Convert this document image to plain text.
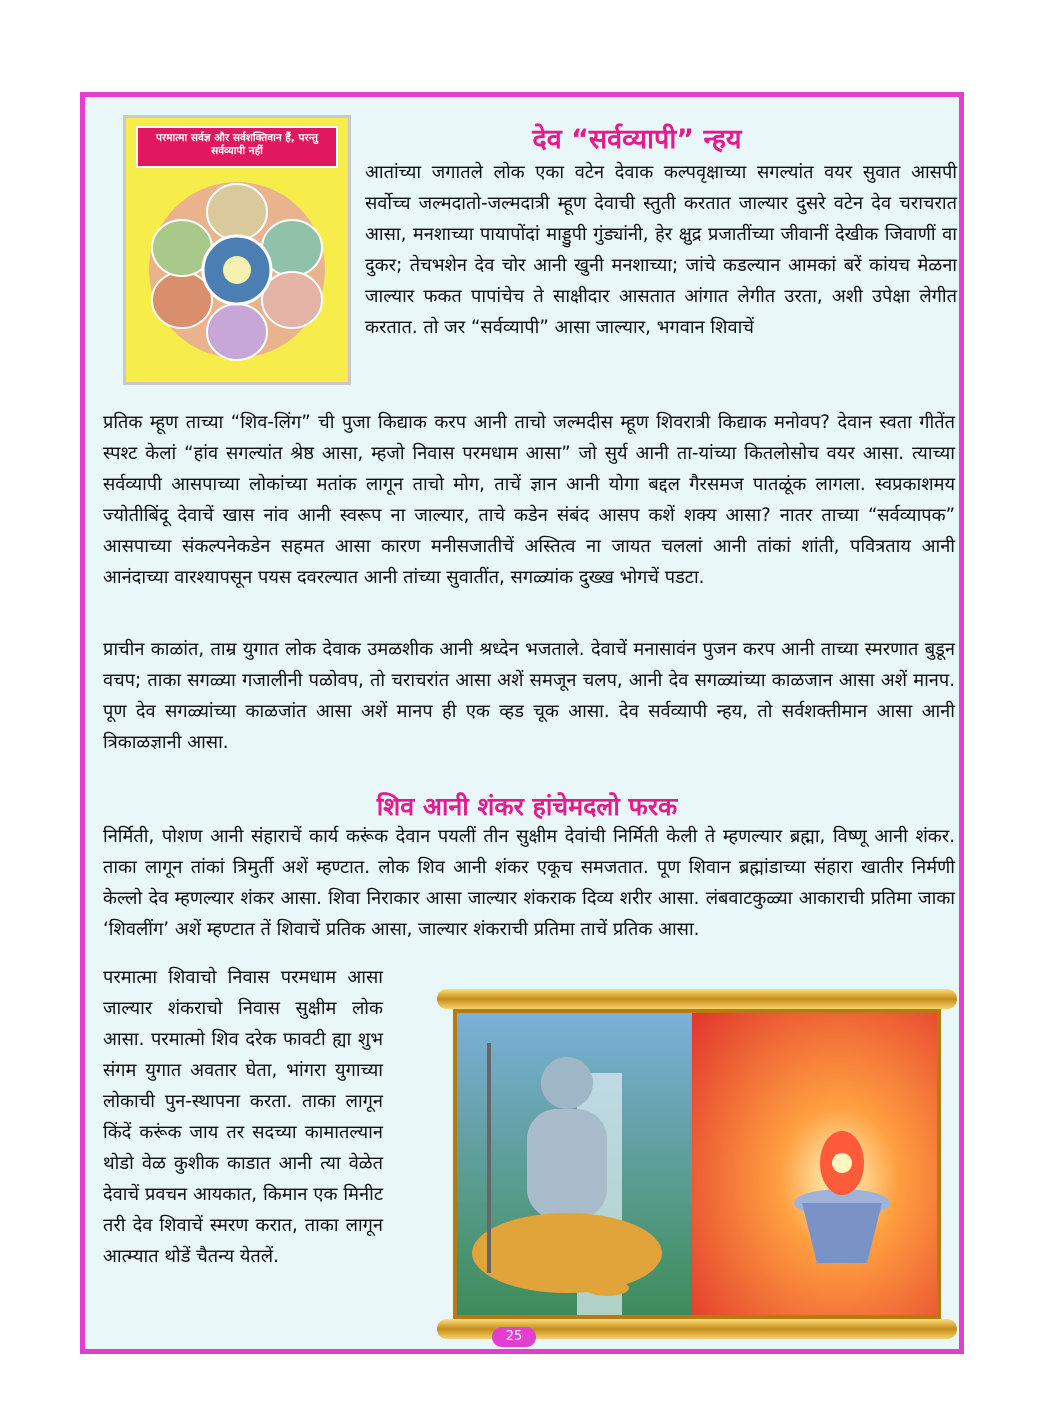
परमात्मा सर्वज्ञ और सर्वशक्तिवान हैं, परन्तु सर्वव्यापी नहीं	देव “सर्वव्यापी” न्हय

आतांच्या जगातले लोक एका वटेन देवाक कल्पवृक्षाच्या सगल्यांत वयर सुवात आसपी सर्वोच्च जल्मदातो-जल्मदात्री म्हूण देवाची स्तुती करतात जाल्यार दुसरे वटेन देव चराचरात आसा, मनशाच्या पायापोंदां माड्डुपी गुंड्यांनी, हेर क्षुद्र प्रजातींच्या जीवानीं देखीक जिवाणीं वा दुकर; तेचभशेन देव चोर आनी खुनी मनशाच्या; जांचे कडल्यान आमकां बरें कांयच मेळना जाल्यार फकत पापांचेच ते साक्षीदार आसतात आंगात लेगीत उरता, अशी उपेक्षा लेगीत करतात. तो जर “सर्वव्यापी” आसा जाल्यार, भगवान शिवाचें

प्रतिक म्हूण ताच्या “शिव-लिंग” ची पुजा किद्याक करप आनी ताचो जल्मदीस म्हूण शिवरात्री किद्याक मनोवप? देवान स्वता गीतेंत स्पश्ट केलां “हांव सगल्यांत श्रेष्ठ आसा, म्हजो निवास परमधाम आसा” जो सुर्य आनी ता-यांच्या कितलोसोच वयर आसा. त्याच्या सर्वव्यापी आसपाच्या लोकांच्या मतांक लागून ताचो मोग, ताचें ज्ञान आनी योगा बद्दल गैरसमज पातळूंक लागला. स्वप्रकाशमय ज्योतीबिंदू देवाचें खास नांव आनी स्वरूप ना जाल्यार, ताचे कडेन संबंद आसप कशें शक्य आसा? नातर ताच्या “सर्वव्यापक” आसपाच्या संकल्पनेकडेन सहमत आसा कारण मनीसजातीचें अस्तित्व ना जायत चललां आनी तांकां शांती, पवित्रताय आनी आनंदाच्या वारश्यापसून पयस दवरल्यात आनी तांच्या सुवातींत, सगळ्यांक दुख्ख भोगचें पडटा.

प्राचीन काळांत, ताम्र युगात लोक देवाक उमळशीक आनी श्रध्देन भजताले. देवाचें मनासावंन पुजन करप आनी ताच्या स्मरणात बुडून वचप; ताका सगळ्या गजालीनी पळोवप, तो चराचरांत आसा अशें समजून चलप, आनी देव सगळ्यांच्या काळजान आसा अशें मानप. पूण देव सगळ्यांच्या काळजांत आसा अशें मानप ही एक व्हड चूक आसा. देव सर्वव्यापी न्हय, तो सर्वशक्तीमान आसा आनी त्रिकाळज्ञानी आसा.

शिव आनी शंकर हांचेमदलो फरक

निर्मिती, पोशण आनी संहाराचें कार्य करूंक देवान पयलीं तीन सुक्षीम देवांची निर्मिती केली ते म्हणल्यार ब्रह्मा, विष्णू आनी शंकर. ताका लागून तांकां त्रिमुर्ती अशें म्हण्टात. लोक शिव आनी शंकर एकूच समजतात. पूण शिवान ब्रह्मांडाच्या संहारा खातीर निर्मणी केल्लो देव म्हणल्यार शंकर आसा. शिवा निराकार आसा जाल्यार शंकराक दिव्य शरीर आसा. लंबवाटकुळ्या आकाराची प्रतिमा जाका ‘शिवलींग’ अशें म्हण्टात तें शिवाचें प्रतिक आसा, जाल्यार शंकराची प्रतिमा ताचें प्रतिक आसा.

परमात्मा शिवाचो निवास परमधाम आसा जाल्यार शंकराचो निवास सुक्षीम लोक आसा. परमात्मो शिव दरेक फावटी ह्या शुभ संगम युगात अवतार घेता, भांगरा युगाच्या लोकाची पुन-स्थापना करता. ताका लागून किंदें करूंक जाय तर सदच्या कामातल्यान थोडो वेळ कुशीक काडात आनी त्या वेळेत देवाचें प्रवचन आयकात, किमान एक मिनीट तरी देव शिवाचें स्मरण करात, ताका लागून आत्म्यात थोडें चैतन्य येतलें.

25
